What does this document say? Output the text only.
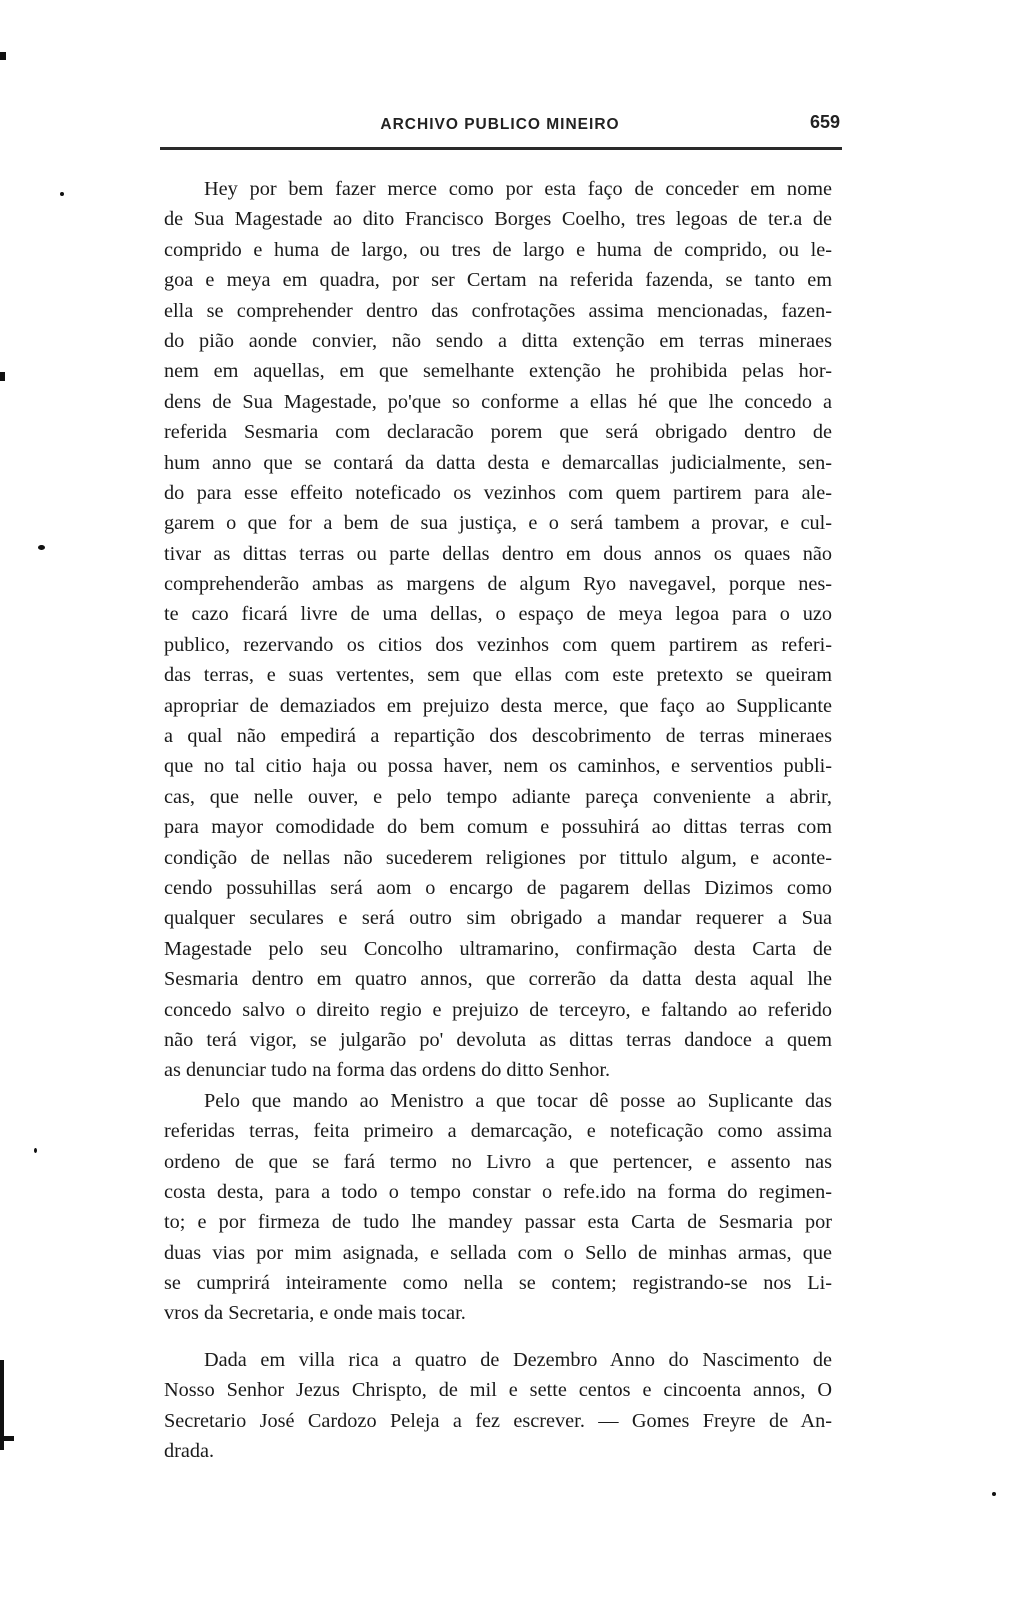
ARCHIVO PUBLICO MINEIRO	659
Hey por bem fazer merce como por esta faço de conceder em nome
de Sua Magestade ao dito Francisco Borges Coelho, tres legoas de ter.a de
comprido e huma de largo, ou tres de largo e huma de comprido, ou le-
goa e meya em quadra, por ser Certam na referida fazenda, se tanto em
ella se comprehender dentro das confrotações assima mencionadas, fazen-
do pião aonde convier, não sendo a ditta extenção em terras mineraes
nem em aquellas, em que semelhante extenção he prohibida pelas hor-
dens de Sua Magestade, po'que so conforme a ellas hé que lhe concedo a
referida Sesmaria com declaracão porem que será obrigado dentro de
hum anno que se contará da datta desta e demarcallas judicialmente, sen-
do para esse effeito noteficado os vezinhos com quem partirem para ale-
garem o que for a bem de sua justiça, e o será tambem a provar, e cul-
tivar as dittas terras ou parte dellas dentro em dous annos os quaes não
comprehenderão ambas as margens de algum Ryo navegavel, porque nes-
te cazo ficará livre de uma dellas, o espaço de meya legoa para o uzo
publico, rezervando os citios dos vezinhos com quem partirem as referi-
das terras, e suas vertentes, sem que ellas com este pretexto se queiram
apropriar de demaziados em prejuizo desta merce, que faço ao Supplicante
a qual não empedirá a repartição dos descobrimento de terras mineraes
que no tal citio haja ou possa haver, nem os caminhos, e serventios publi-
cas, que nelle ouver, e pelo tempo adiante pareça conveniente a abrir,
para mayor comodidade do bem comum e possuhirá ao dittas terras com
condição de nellas não sucederem religiones por tittulo algum, e aconte-
cendo possuhillas será aom o encargo de pagarem dellas Dizimos como
qualquer seculares e será outro sim obrigado a mandar requerer a Sua
Magestade pelo seu Concolho ultramarino, confirmação desta Carta de
Sesmaria dentro em quatro annos, que correrão da datta desta aqual lhe
concedo salvo o direito regio e prejuizo de terceyro, e faltando ao referido
não terá vigor, se julgarão po' devoluta as dittas terras dandoce a quem
as denunciar tudo na forma das ordens do ditto Senhor.
Pelo que mando ao Menistro a que tocar dê posse ao Suplicante das
referidas terras, feita primeiro a demarcação, e noteficação como assima
ordeno de que se fará termo no Livro a que pertencer, e assento nas
costa desta, para a todo o tempo constar o refe.ido na forma do regimen-
to; e por firmeza de tudo lhe mandey passar esta Carta de Sesmaria por
duas vias por mim asignada, e sellada com o Sello de minhas armas, que
se cumprirá inteiramente como nella se contem; registrando-se nos Li-
vros da Secretaria, e onde mais tocar.
Dada em villa rica a quatro de Dezembro Anno do Nascimento de
Nosso Senhor Jezus Chrispto, de mil e sette centos e cincoenta annos, O
Secretario José Cardozo Peleja a fez escrever. — Gomes Freyre de An-
drada.
